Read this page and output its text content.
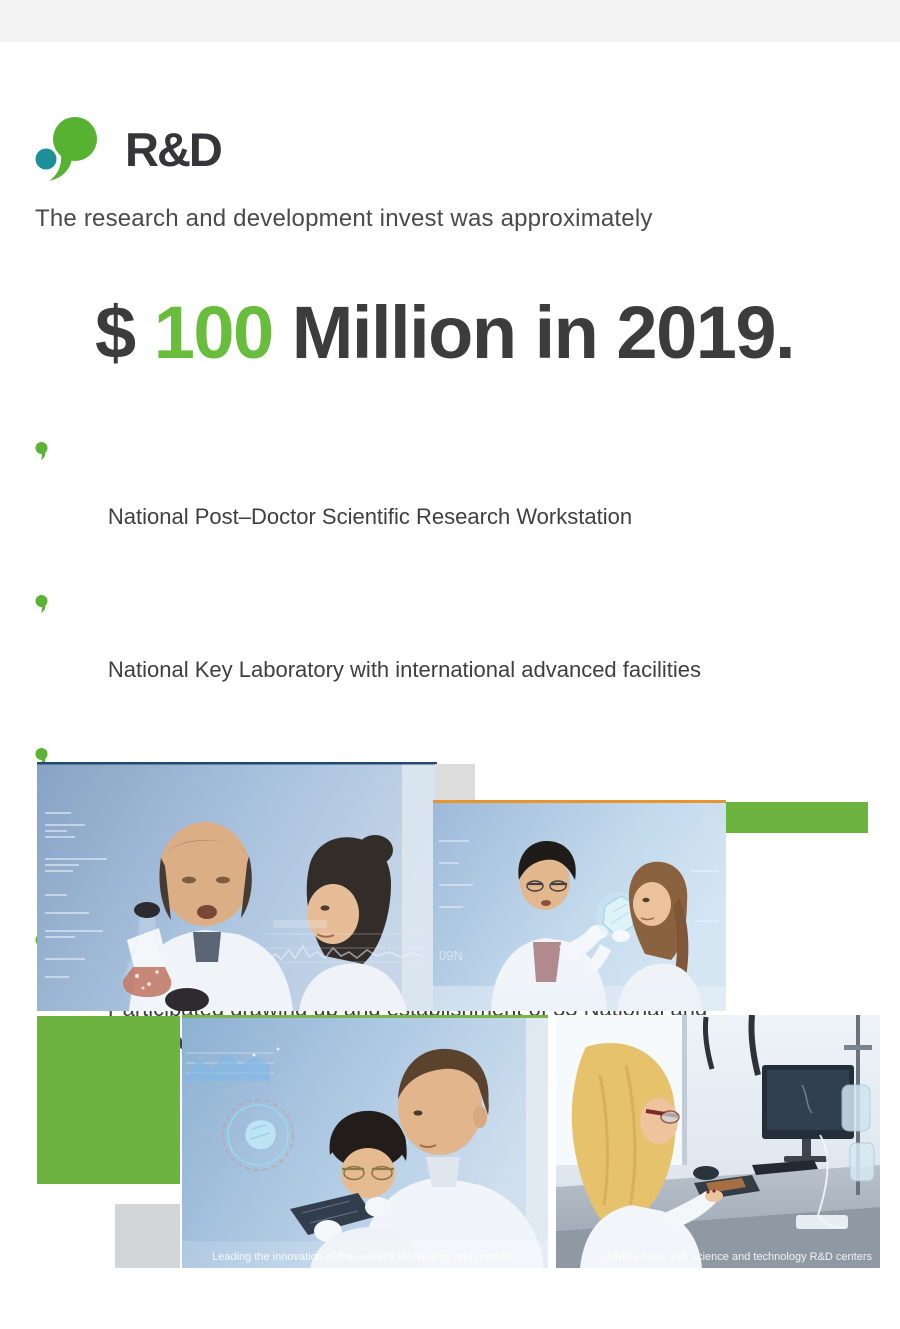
R&D

The research and development invest was approximately

$ 100 Million in 2019.

National Post–Doctor Scientific Research Workstation

National Key Laboratory with international advanced facilities

09N
Leading the innovation of the industry technology and products	Chilwee have built science and technology R&D centers
